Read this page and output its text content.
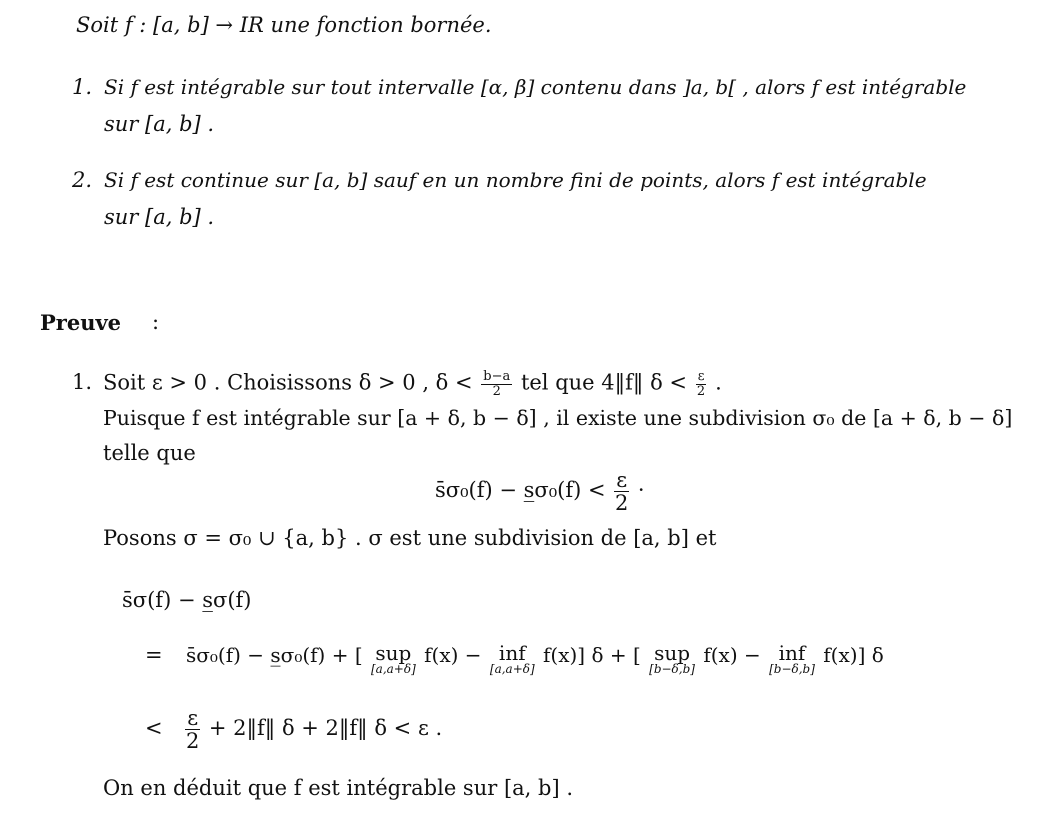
Soit f : [a, b] → IR une fonction bornée.
1. Si f est intégrable sur tout intervalle [α, β] contenu dans ]a, b[ , alors f est intégrable
sur [a, b] .
2. Si f est continue sur [a, b] sauf en un nombre fini de points, alors f est intégrable
sur [a, b] .
Preuve :
1. Soit ε > 0 . Choisissons δ > 0 , $\delta < \frac{b-a}{2}$ tel que 4‖f‖ $\delta < \frac{\varepsilon}{2}$ .
Puisque f est intégrable sur [a + δ, b − δ] , il existe une subdivision σ₀ de [a + δ, b − δ]
telle que
s̄σ₀(f) − s̲σ₀(f) < $\frac{\varepsilon}{2}$ ·
Posons σ = σ₀ ∪ {a, b} . σ est une subdivision de [a, b] et
s̄σ(f) − s̲σ(f)
= s̄σ₀(f) − s̲σ₀(f) + [ sup
[a,a+δ]
f(x) − inf
[a,a+δ]
f(x)] δ + [ sup
[b−δ,b]
f(x) − inf
[b−δ,b]
f(x)] δ
< $\frac{\varepsilon}{2}$ + 2‖f‖ δ + 2‖f‖ δ < ε .
On en déduit que f est intégrable sur [a, b] .
